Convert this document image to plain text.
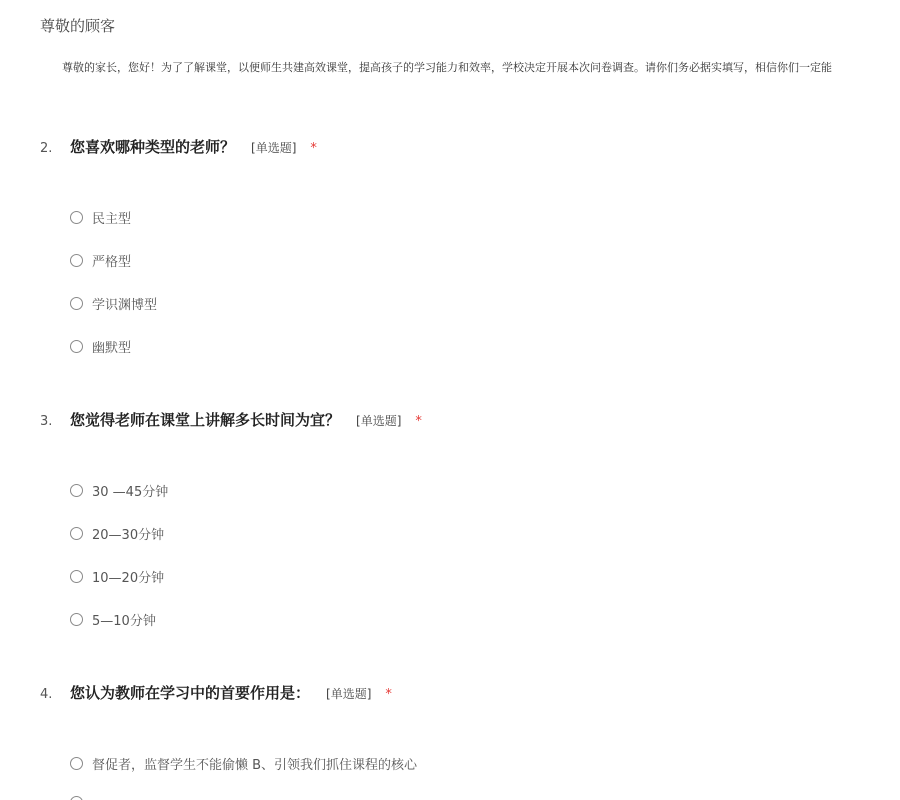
尊敬的顾客
尊敬的家长，您好！为了了解课堂，以便师生共建高效课堂，提高孩子的学习能力和效率，学校决定开展本次问卷调查。请你们务必据实填写，相信你们一定能
2.	您喜欢哪种类型的老师？ [单选题] *
民主型
严格型
学识渊博型
幽默型
3.	您觉得老师在课堂上讲解多长时间为宜？ [单选题] *
30 —45分钟
20—30分钟
10—20分钟
5—10分钟
4.	您认为教师在学习中的首要作用是： [单选题] *
督促者，监督学生不能偷懒 B、引领我们抓住课程的核心
